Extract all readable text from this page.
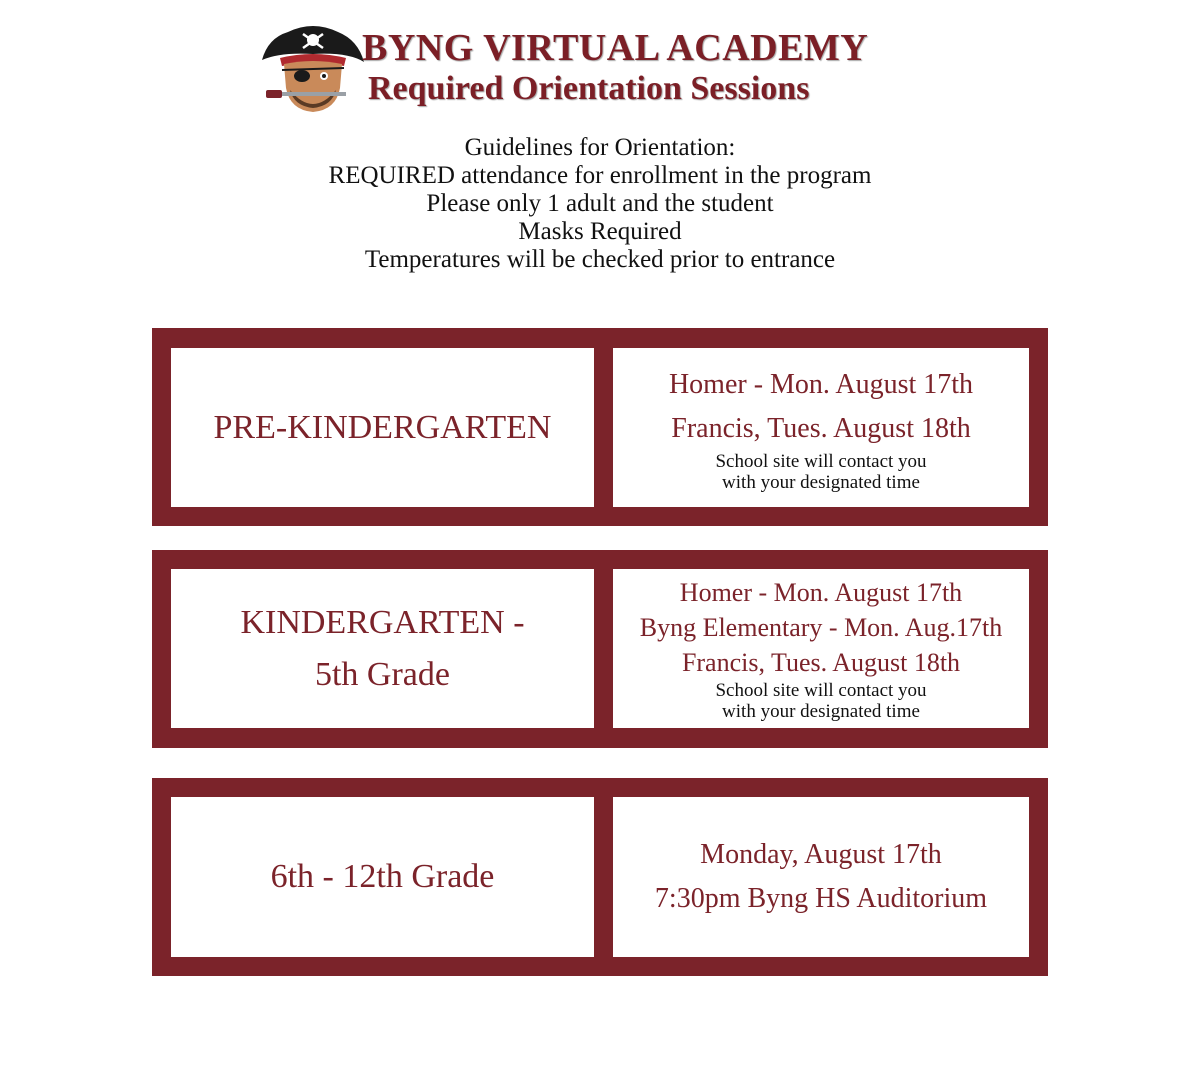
BYNG VIRTUAL ACADEMY
Required Orientation Sessions
Guidelines for Orientation:
REQUIRED attendance for enrollment in the program
Please only 1 adult and the student
Masks Required
Temperatures will be checked prior to entrance
PRE-KINDERGARTEN
Homer - Mon. August 17th
Francis, Tues. August 18th
School site will contact you
with your designated time
KINDERGARTEN -
5th Grade
Homer - Mon. August 17th
Byng Elementary - Mon. Aug.17th
Francis, Tues. August 18th
School site will contact you
with your designated time
6th - 12th Grade
Monday, August 17th
7:30pm Byng HS Auditorium
